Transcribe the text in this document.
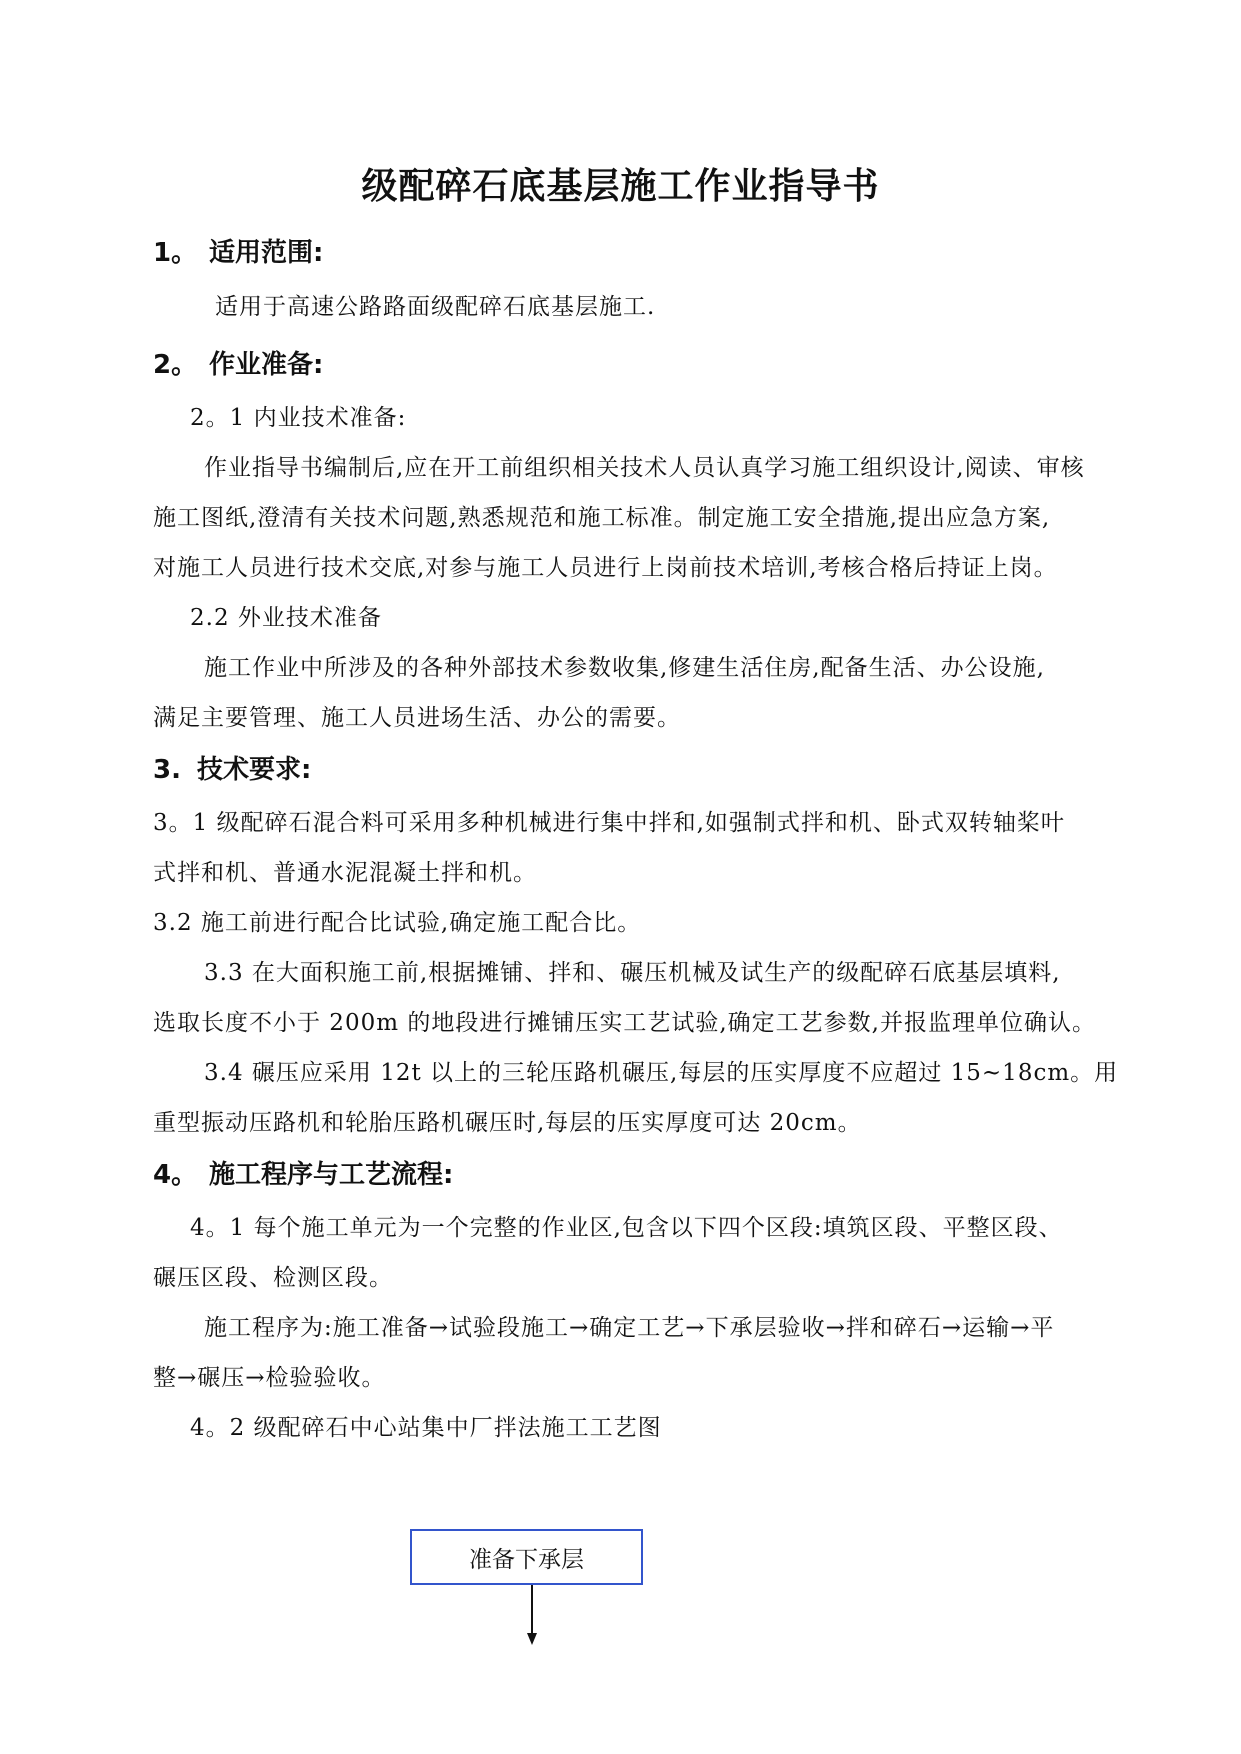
级配碎石底基层施工作业指导书
1。 适用范围:
适用于高速公路路面级配碎石底基层施工.
2。 作业准备:
2。1 内业技术准备:
作业指导书编制后,应在开工前组织相关技术人员认真学习施工组织设计,阅读、审核
施工图纸,澄清有关技术问题,熟悉规范和施工标准。制定施工安全措施,提出应急方案,
对施工人员进行技术交底,对参与施工人员进行上岗前技术培训,考核合格后持证上岗。
2.2 外业技术准备
施工作业中所涉及的各种外部技术参数收集,修建生活住房,配备生活、办公设施,
满足主要管理、施工人员进场生活、办公的需要。
3. 技术要求:
3。1 级配碎石混合料可采用多种机械进行集中拌和,如强制式拌和机、卧式双转轴桨叶
式拌和机、普通水泥混凝土拌和机。
3.2 施工前进行配合比试验,确定施工配合比。
3.3 在大面积施工前,根据摊铺、拌和、碾压机械及试生产的级配碎石底基层填料,
选取长度不小于 200m 的地段进行摊铺压实工艺试验,确定工艺参数,并报监理单位确认。
3.4 碾压应采用 12t 以上的三轮压路机碾压,每层的压实厚度不应超过 15~18cm。用
重型振动压路机和轮胎压路机碾压时,每层的压实厚度可达 20cm。
4。 施工程序与工艺流程:
4。1 每个施工单元为一个完整的作业区,包含以下四个区段:填筑区段、平整区段、
碾压区段、检测区段。
施工程序为:施工准备→试验段施工→确定工艺→下承层验收→拌和碎石→运输→平
整→碾压→检验验收。
4。2 级配碎石中心站集中厂拌法施工工艺图
准备下承层
